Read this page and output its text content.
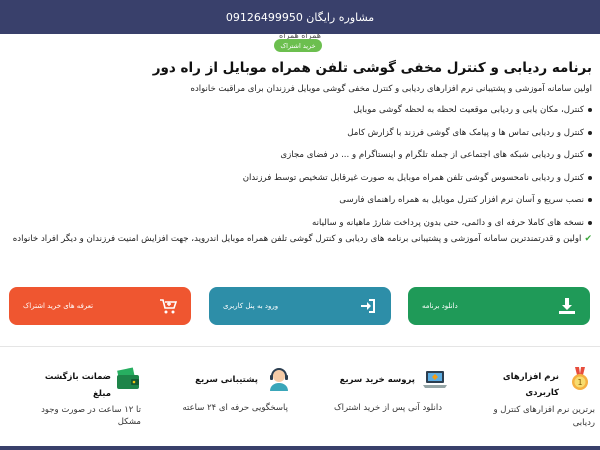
مشاوره رایگان 09126499950
همراه همراه
خرید اشتراک
برنامه ردیابی و کنترل مخفی گوشی تلفن همراه موبایل از راه دور

اولین سامانه آموزشی و پشتیبانی نرم افزارهای ردیابی و کنترل مخفی گوشی موبایل فرزندان برای مراقبت خانواده

کنترل، مکان یابی و ردیابی موقعیت لحظه به لحظه گوشی موبایل
کنترل و ردیابی تماس ها و پیامک های گوشی فرزند با گزارش کامل
کنترل و ردیابی شبکه های اجتماعی از جمله تلگرام و اینستاگرام و ... در فضای مجازی
کنترل و ردیابی نامحسوس گوشی تلفن همراه موبایل به صورت غیرقابل تشخیص توسط فرزندان
نصب سریع و آسان نرم افزار کنترل موبایل به همراه راهنمای فارسی
نسخه های کاملا حرفه ای و دائمی، حتی بدون پرداخت شارژ ماهیانه و سالیانه

✔اولین و قدرتمندترین سامانه آموزشی و پشتیبانی برنامه های ردیابی و کنترل گوشی تلفن همراه موبایل اندروید، جهت افزایش امنیت فرزندان و دیگر افراد خانواده

دانلود برنامه
ورود به پنل کاربری
تعرفه های خرید اشتراک
1
نرم افزارهای کاربردی
برترین نرم افزارهای کنترل و ردیابی
پروسه خرید سریع
دانلود آنی پس از خرید اشتراک
پشتیبانی سریع
پاسخگویی حرفه ای ۲۴ ساعته
ضمانت بازگشت مبلغ
تا ۱۲ ساعت در صورت وجود مشکل
